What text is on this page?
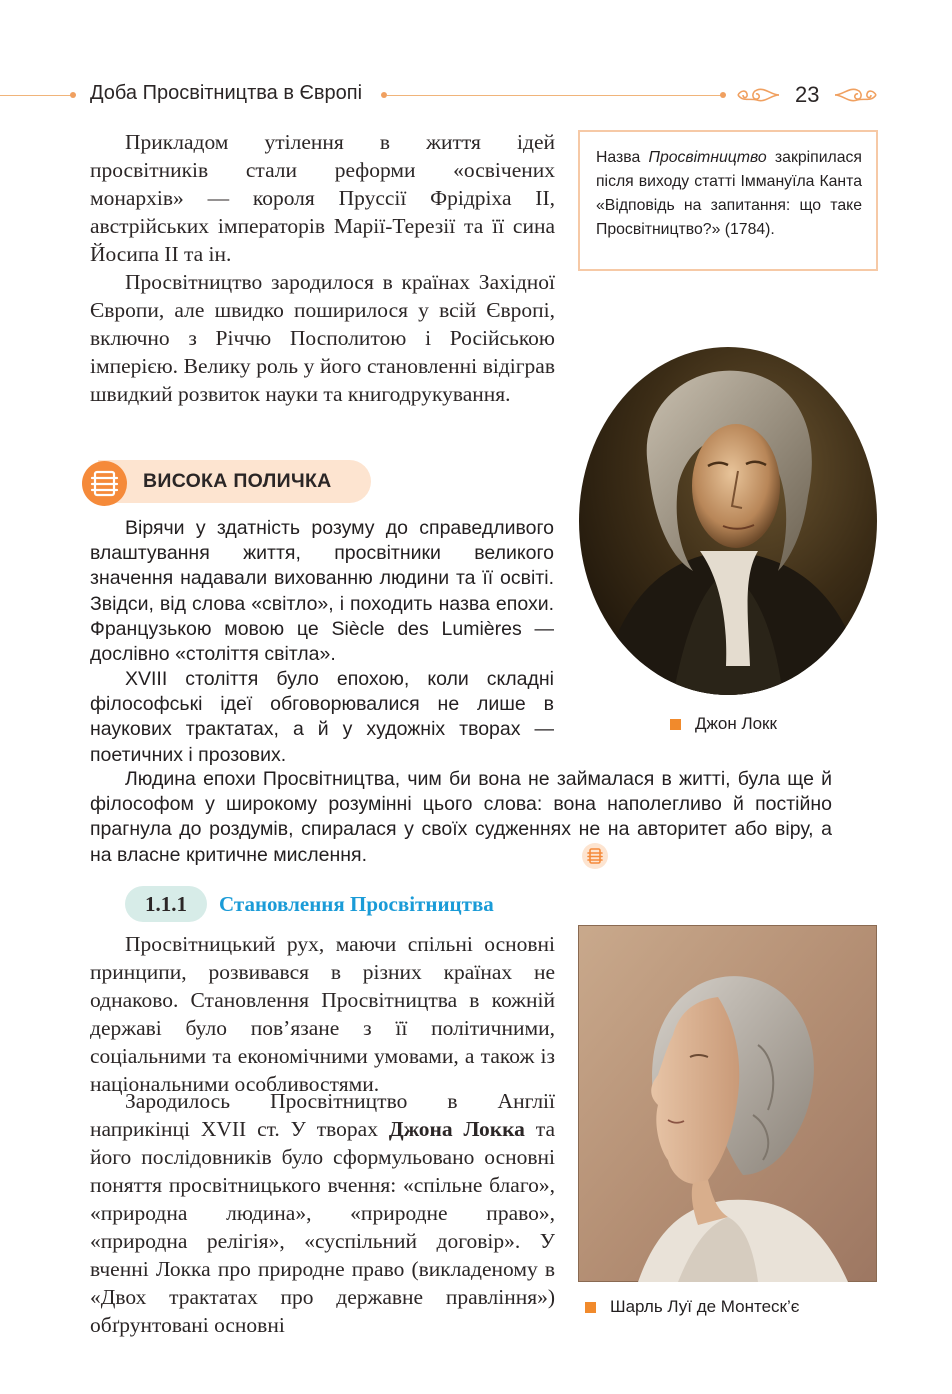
Доба Просвітництва в Європі	23

Прикладом утілення в життя ідей просвітників стали реформи «освічених монархів» — короля Пруссії Фрідріха II, австрійських імператорів Марії-Терезії та її сина Йосипа II та ін.

Просвітництво зародилося в країнах Західної Європи, але швидко поширилося у всій Європі, включно з Річчю Посполитою і Російською імперією. Велику роль у його становленні відіграв швидкий розвиток науки та книгодрукування.

Назва Просвітництво закріпилася після виходу статті Іммануїла Канта «Відповідь на запитання: що таке Просвітництво?» (1784).
Джон Локк
ВИСОКА ПОЛИЧКА

Вірячи у здатність розуму до справедливого влаштування життя, просвітники великого значення надавали вихованню людини та її освіті. Звідси, від слова «світло», і походить назва епохи. Французькою мовою це Siècle des Lumières — дослівно «століття світла».

XVIII століття було епохою, коли складні філософські ідеї обговорювалися не лише в наукових трактатах, а й у художніх творах — поетичних і прозових.

Людина епохи Просвітництва, чим би вона не займалася в житті, була ще й філософом у широкому розумінні цього слова: вона наполегливо й постійно прагнула до роздумів, спиралася у своїх судженнях не на авторитет або віру, а на власне критичне мислення.

1.1.1	Становлення Просвітництва

Просвітницький рух, маючи спільні основні принципи, розвивався в різних країнах не однаково. Становлення Просвітництва в кожній державі було пов’язане з її політичними, соціальними та економічними умовами, а також із національними особливостями.

Зародилось Просвітництво в Англії наприкінці XVII ст. У творах Джона Локка та його послідовників було сформульовано основні поняття просвітницького вчення: «спільне благо», «природна людина», «природне право», «природна релігія», «суспільний договір». У вченні Локка про природне право (викладеному в «Двох трактатах про державне правління») обґрунтовані основні

Шарль Луї де Монтеск’є
